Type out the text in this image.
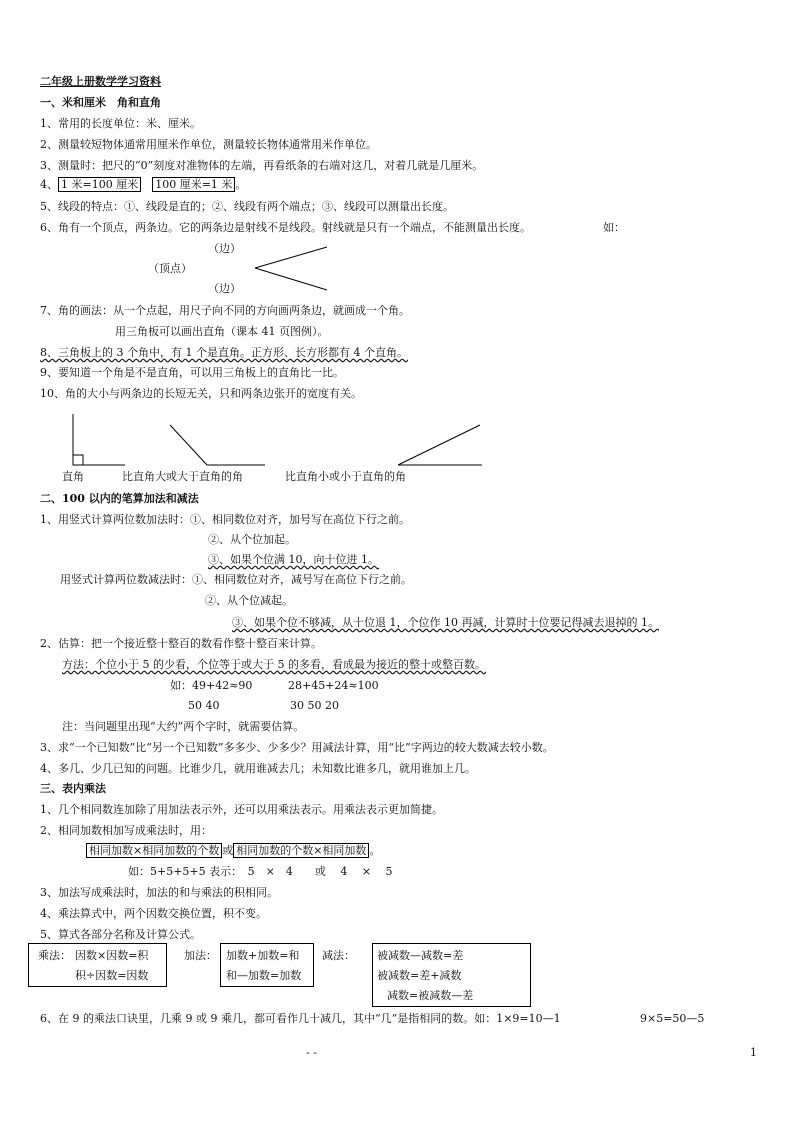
二年级上册数学学习资料
一、米和厘米　角和直角
1、常用的长度单位：米、厘米。
2、测量较短物体通常用厘米作单位，测量较长物体通常用米作单位。
3、测量时：把尺的“0”刻度对准物体的左端，再看纸条的右端对这几，对着几就是几厘米。
4、 1 米=100 厘米　 100 厘米=1 米 。
5、线段的特点：①、线段是直的；②、线段有两个端点；③、线段可以测量出长度。
6、角有一个顶点，两条边。它的两条边是射线不是线段。射线就是只有一个端点，不能测量出长度。	如：
（边）
（顶点）
（边）
7、角的画法：从一个点起，用尺子向不同的方向画两条边，就画成一个角。
用三角板可以画出直角（课本 41 页图例）。
8、三角板上的 3 个角中，有 1 个是直角。正方形、长方形都有 4 个直角。
9、要知道一个角是不是直角，可以用三角板上的直角比一比。
10、角的大小与两条边的长短无关，只和两条边张开的宽度有关。
直角	比直角大或大于直角的角	比直角小或小于直角的角
二、100 以内的笔算加法和减法
1、用竖式计算两位数加法时：①、相同数位对齐，加号写在高位下行之前。
②、从个位加起。
③、如果个位满 10，向十位进 1。
用竖式计算两位数减法时：①、相同数位对齐，减号写在高位下行之前。
②、从个位减起。
③、如果个位不够减，从十位退 1，个位作 10 再减，计算时十位要记得减去退掉的 1。
2、估算：把一个接近整十整百的数看作整十整百来计算。
方法：个位小于 5 的少看，个位等于或大于 5 的多看，看成最为接近的整十或整百数。
如：49+42≈90	28+45+24≈100
50 40	30 50 20
注：当问题里出现“大约”两个字时，就需要估算。
3、求“一个已知数”比“另一个已知数”多多少、少多少？用减法计算，用“比”字两边的较大数减去较小数。
4、多几、少几已知的问题。比谁少几，就用谁减去几；未知数比谁多几，就用谁加上几。
三、表内乘法
1、几个相同数连加除了用加法表示外，还可以用乘法表示。用乘法表示更加简捷。
2、相同加数相加写成乘法时，用：
相同加数×相同加数的个数 或 相同加数的个数×相同加数 。
如：5+5+5+5 表示：　5　×　4　　或　 4　 ×　 5
3、加法写成乘法时，加法的和与乘法的积相同。
4、乘法算式中，两个因数交换位置，积不变。
5、算式各部分名称及计算公式。
乘法： 因数×因数=积
积÷因数=因数
加法： 加数+加数=和
和—加数=加数
减法： 被减数—减数=差
被减数=差+减数
减数=被减数—差
6、在 9 的乘法口诀里，几乘 9 或 9 乘几，都可看作几十减几，其中“几”是指相同的数。如：1×9=10—1	9×5=50—5
- -	1
